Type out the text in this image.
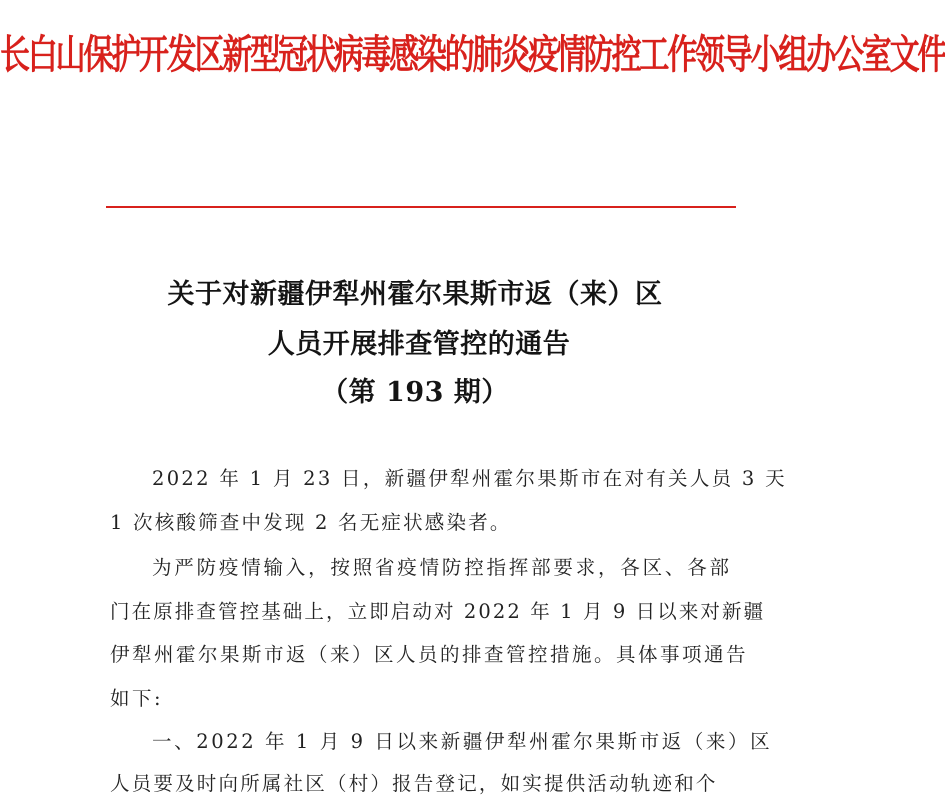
长白山保护开发区新型冠状病毒感染的肺炎疫情防控工作领导小组办公室文件
关于对新疆伊犁州霍尔果斯市返（来）区
人员开展排查管控的通告
（第 193 期）
2022 年 1 月 23 日，新疆伊犁州霍尔果斯市在对有关人员 3 天
1 次核酸筛查中发现 2 名无症状感染者。
为严防疫情输入，按照省疫情防控指挥部要求，各区、各部
门在原排查管控基础上，立即启动对 2022 年 1 月 9 日以来对新疆
伊犁州霍尔果斯市返（来）区人员的排查管控措施。具体事项通告
如下:
一、2022 年 1 月 9 日以来新疆伊犁州霍尔果斯市返（来）区
人员要及时向所属社区（村）报告登记，如实提供活动轨迹和个
